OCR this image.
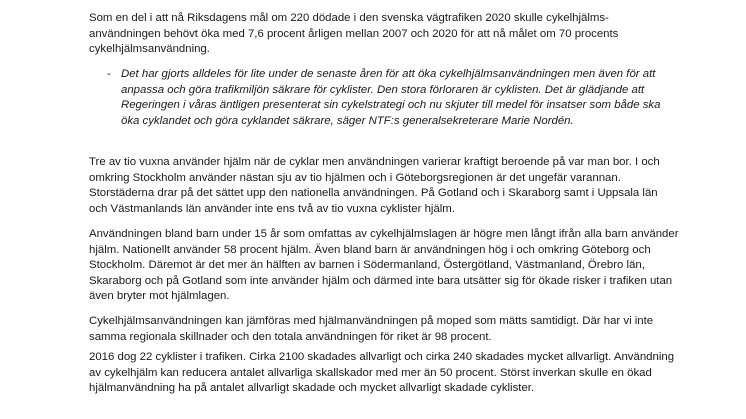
Som en del i att nå Riksdagens mål om 220 dödade i den svenska vägtrafiken 2020 skulle cykelhjälmsanvändningen behövt öka med 7,6 procent årligen mellan 2007 och 2020 för att nå målet om 70 procents cykelhjälmsanvändning.

- Det har gjorts alldeles för lite under de senaste åren för att öka cykelhjälmsanvändningen men även för att anpassa och göra trafikmiljön säkrare för cyklister. Den stora förloraren är cyklisten. Det är glädjande att Regeringen i våras äntligen presenterat sin cykelstrategi och nu skjuter till medel för insatser som både ska öka cyklandet och göra cyklandet säkrare, säger NTF:s generalsekreterare Marie Nordén.

Tre av tio vuxna använder hjälm när de cyklar men användningen varierar kraftigt beroende på var man bor. I och omkring Stockholm använder nästan sju av tio hjälmen och i Göteborgsregionen är det ungefär varannan. Storstäderna drar på det sättet upp den nationella användningen. På Gotland och i Skaraborg samt i Uppsala län och Västmanlands län använder inte ens två av tio vuxna cyklister hjälm.

Användningen bland barn under 15 år som omfattas av cykelhjälmslagen är högre men långt ifrån alla barn använder hjälm. Nationellt använder 58 procent hjälm. Även bland barn är användningen hög i och omkring Göteborg och Stockholm. Däremot är det mer än hälften av barnen i Södermanland, Östergötland, Västmanland, Örebro län, Skaraborg och på Gotland som inte använder hjälm och därmed inte bara utsätter sig för ökade risker i trafiken utan även bryter mot hjälmlagen.

Cykelhjälmsanvändningen kan jämföras med hjälmanvändningen på moped som mätts samtidigt. Där har vi inte samma regionala skillnader och den totala användningen för riket är 98 procent.

2016 dog 22 cyklister i trafiken. Cirka 2100 skadades allvarligt och cirka 240 skadades mycket allvarligt. Användning av cykelhjälm kan reducera antalet allvarliga skallskador med mer än 50 procent. Störst inverkan skulle en ökad hjälmanvändning ha på antalet allvarligt skadade och mycket allvarligt skadade cyklister.
